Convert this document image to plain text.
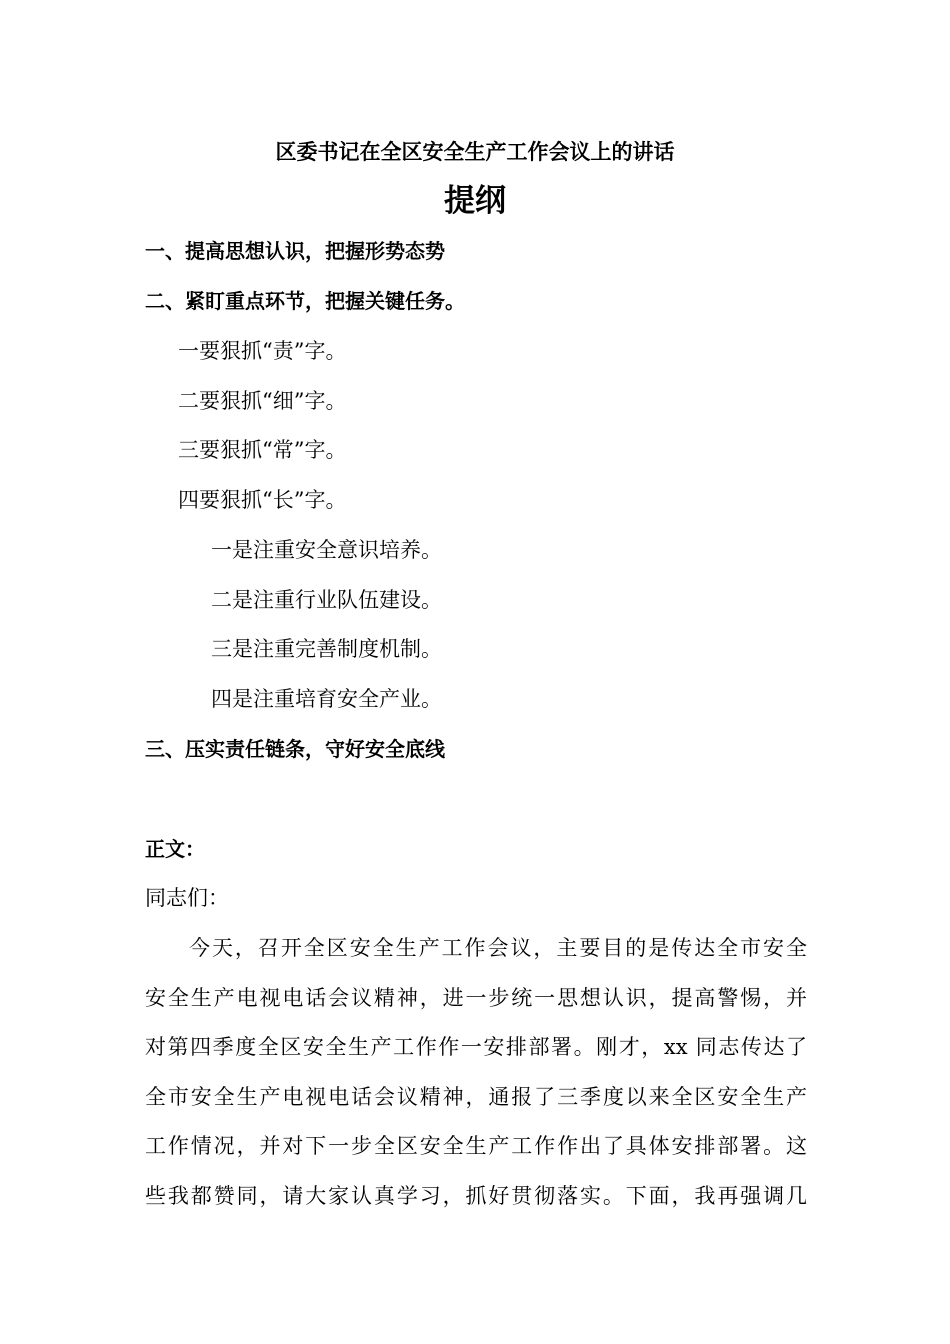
区委书记在全区安全生产工作会议上的讲话
提纲
一、提高思想认识，把握形势态势
二、紧盯重点环节，把握关键任务。
一要狠抓“责”字。
二要狠抓“细”字。
三要狠抓“常”字。
四要狠抓“长”字。
一是注重安全意识培养。
二是注重行业队伍建设。
三是注重完善制度机制。
四是注重培育安全产业。
三、压实责任链条，守好安全底线
正文：
同志们：
今天，召开全区安全生产工作会议，主要目的是传达全市安全
安全生产电视电话会议精神，进一步统一思想认识，提高警惕，并
对第四季度全区安全生产工作作一安排部署。刚才，xx 同志传达了
全市安全生产电视电话会议精神，通报了三季度以来全区安全生产
工作情况，并对下一步全区安全生产工作作出了具体安排部署。这
些我都赞同，请大家认真学习，抓好贯彻落实。下面，我再强调几
